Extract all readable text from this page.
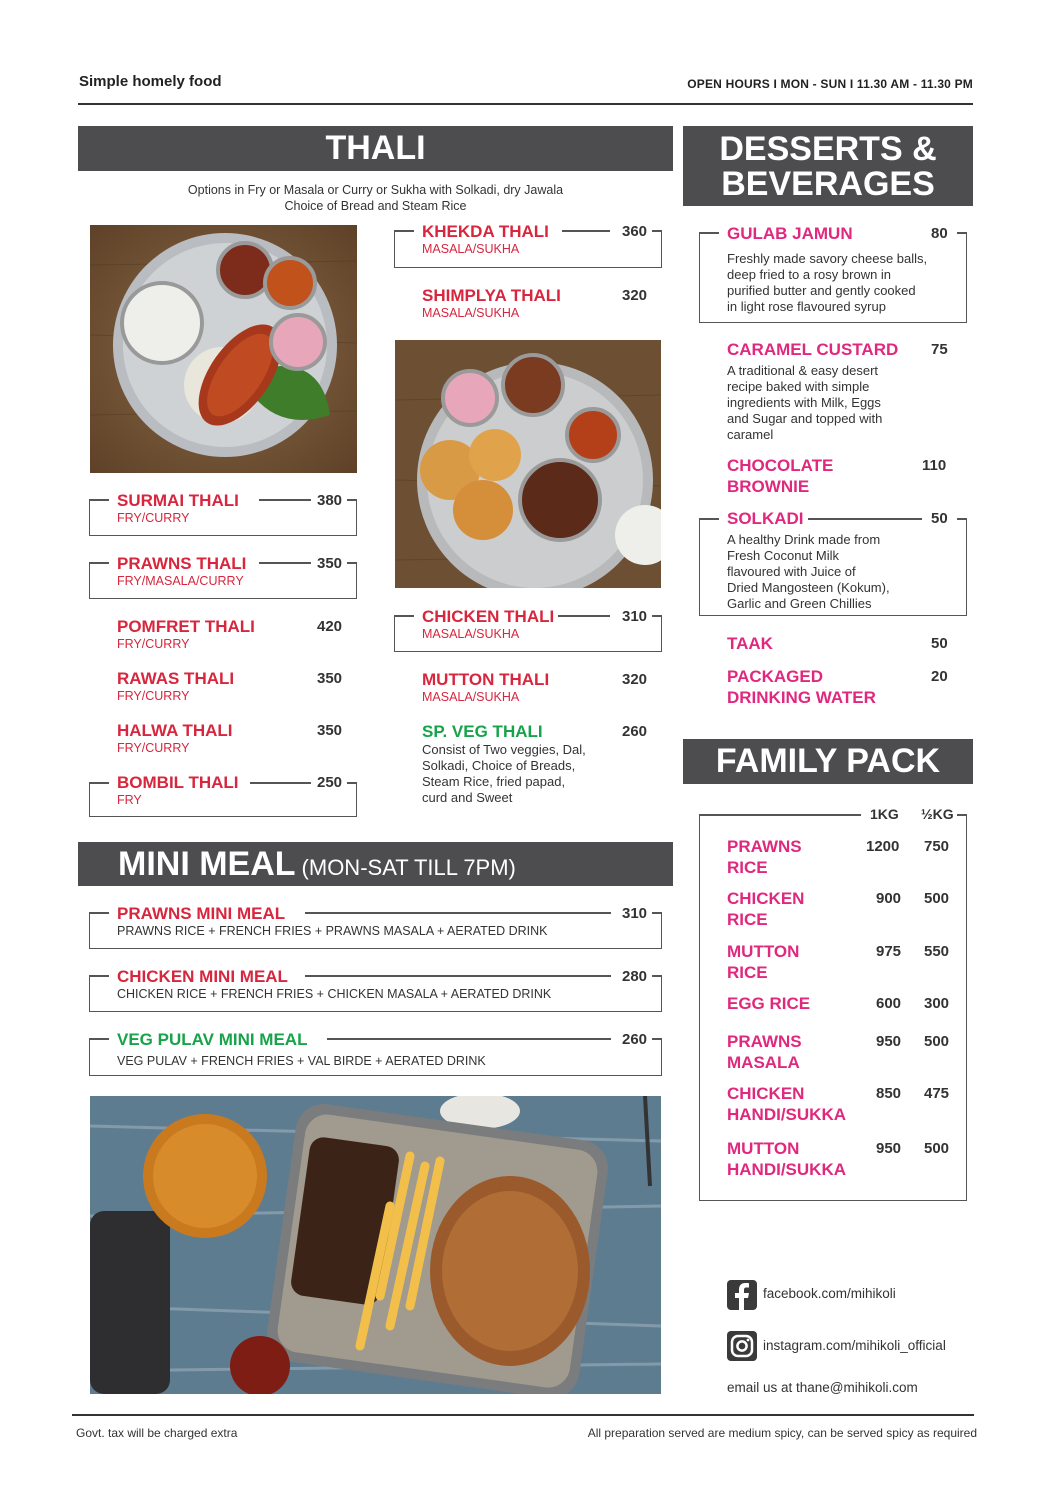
Simple homely food	OPEN HOURS I MON - SUN I 11.30 AM - 11.30 PM
THALI
Options in Fry or Masala or Curry or Sukha with Solkadi, dry Jawala
Choice of Bread and Steam Rice
SURMAI THALI	380
FRY/CURRY
PRAWNS THALI	350
FRY/MASALA/CURRY
POMFRET THALI	420
FRY/CURRY
RAWAS THALI	350
FRY/CURRY
HALWA THALI	350
FRY/CURRY
BOMBIL THALI	250
FRY
KHEKDA THALI	360
MASALA/SUKHA
SHIMPLYA THALI	320
MASALA/SUKHA
CHICKEN THALI	310
MASALA/SUKHA
MUTTON THALI	320
MASALA/SUKHA
SP. VEG THALI	260
Consist of Two veggies, Dal,
Solkadi, Choice of Breads,
Steam Rice, fried papad,
curd and Sweet
MINI MEAL (MON-SAT TILL 7PM)
PRAWNS MINI MEAL	310
PRAWNS RICE + FRENCH FRIES + PRAWNS MASALA + AERATED DRINK
CHICKEN MINI MEAL	280
CHICKEN RICE + FRENCH FRIES + CHICKEN MASALA + AERATED DRINK
VEG PULAV MINI MEAL	260
VEG PULAV + FRENCH FRIES + VAL BIRDE + AERATED DRINK
DESSERTS &
BEVERAGES
GULAB JAMUN	80
Freshly made savory cheese balls,
deep fried to a rosy brown in
purified butter and gently cooked
in light rose flavoured syrup
CARAMEL CUSTARD 75
A traditional & easy desert
recipe baked with simple
ingredients with Milk, Eggs
and Sugar and topped with
caramel
CHOCOLATE
BROWNIE
110
SOLKADI	50
A healthy Drink made from
Fresh Coconut Milk
flavoured with Juice of
Dried Mangosteen (Kokum),
Garlic and Green Chillies
TAAK	50
PACKAGED
DRINKING WATER
20
FAMILY PACK
1KG ½KG
PRAWNS
RICE
1200 750
CHICKEN
RICE
900 500
MUTTON
RICE
975 550
EGG RICE	600 300
PRAWNS
MASALA
950 500
CHICKEN
HANDI/SUKKA
850 475
MUTTON
HANDI/SUKKA
950 500
facebook.com/mihikoli
instagram.com/mihikoli_official
email us at thane@mihikoli.com
Govt. tax will be charged extra	All preparation served are medium spicy, can be served spicy as required
